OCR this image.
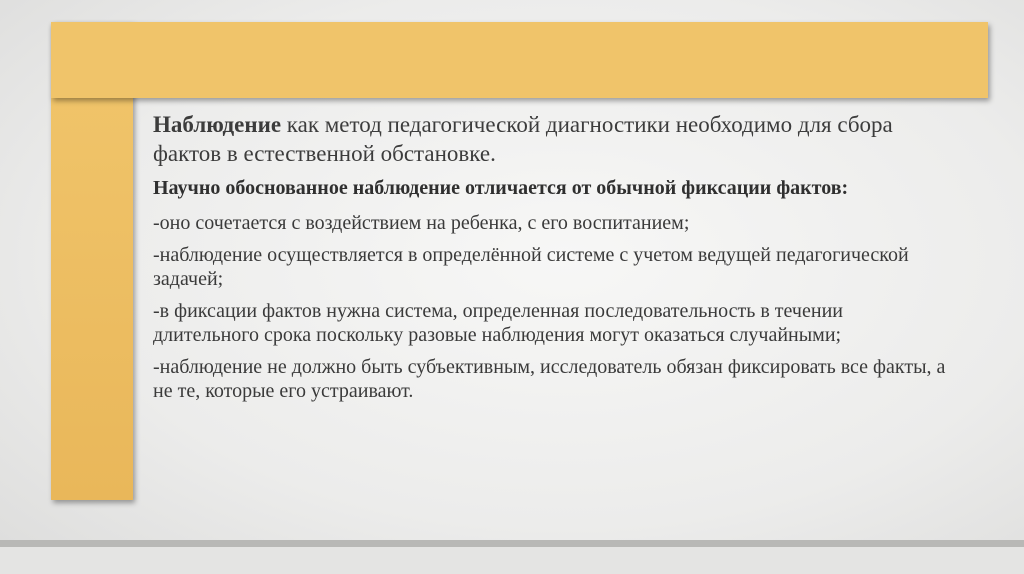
Наблюдение как метод педагогической диагностики необходимо для сбора фактов в естественной обстановке.

Научно обоснованное наблюдение отличается от обычной фиксации фактов:

-оно сочетается с воздействием на ребенка, с его воспитанием;

-наблюдение осуществляется в определённой системе с учетом ведущей педагогической задачей;

-в фиксации фактов нужна система, определенная последовательность в течении длительного срока поскольку разовые наблюдения могут оказаться случайными;

-наблюдение не должно быть субъективным, исследователь обязан фиксировать все факты, а не те, которые его устраивают.
